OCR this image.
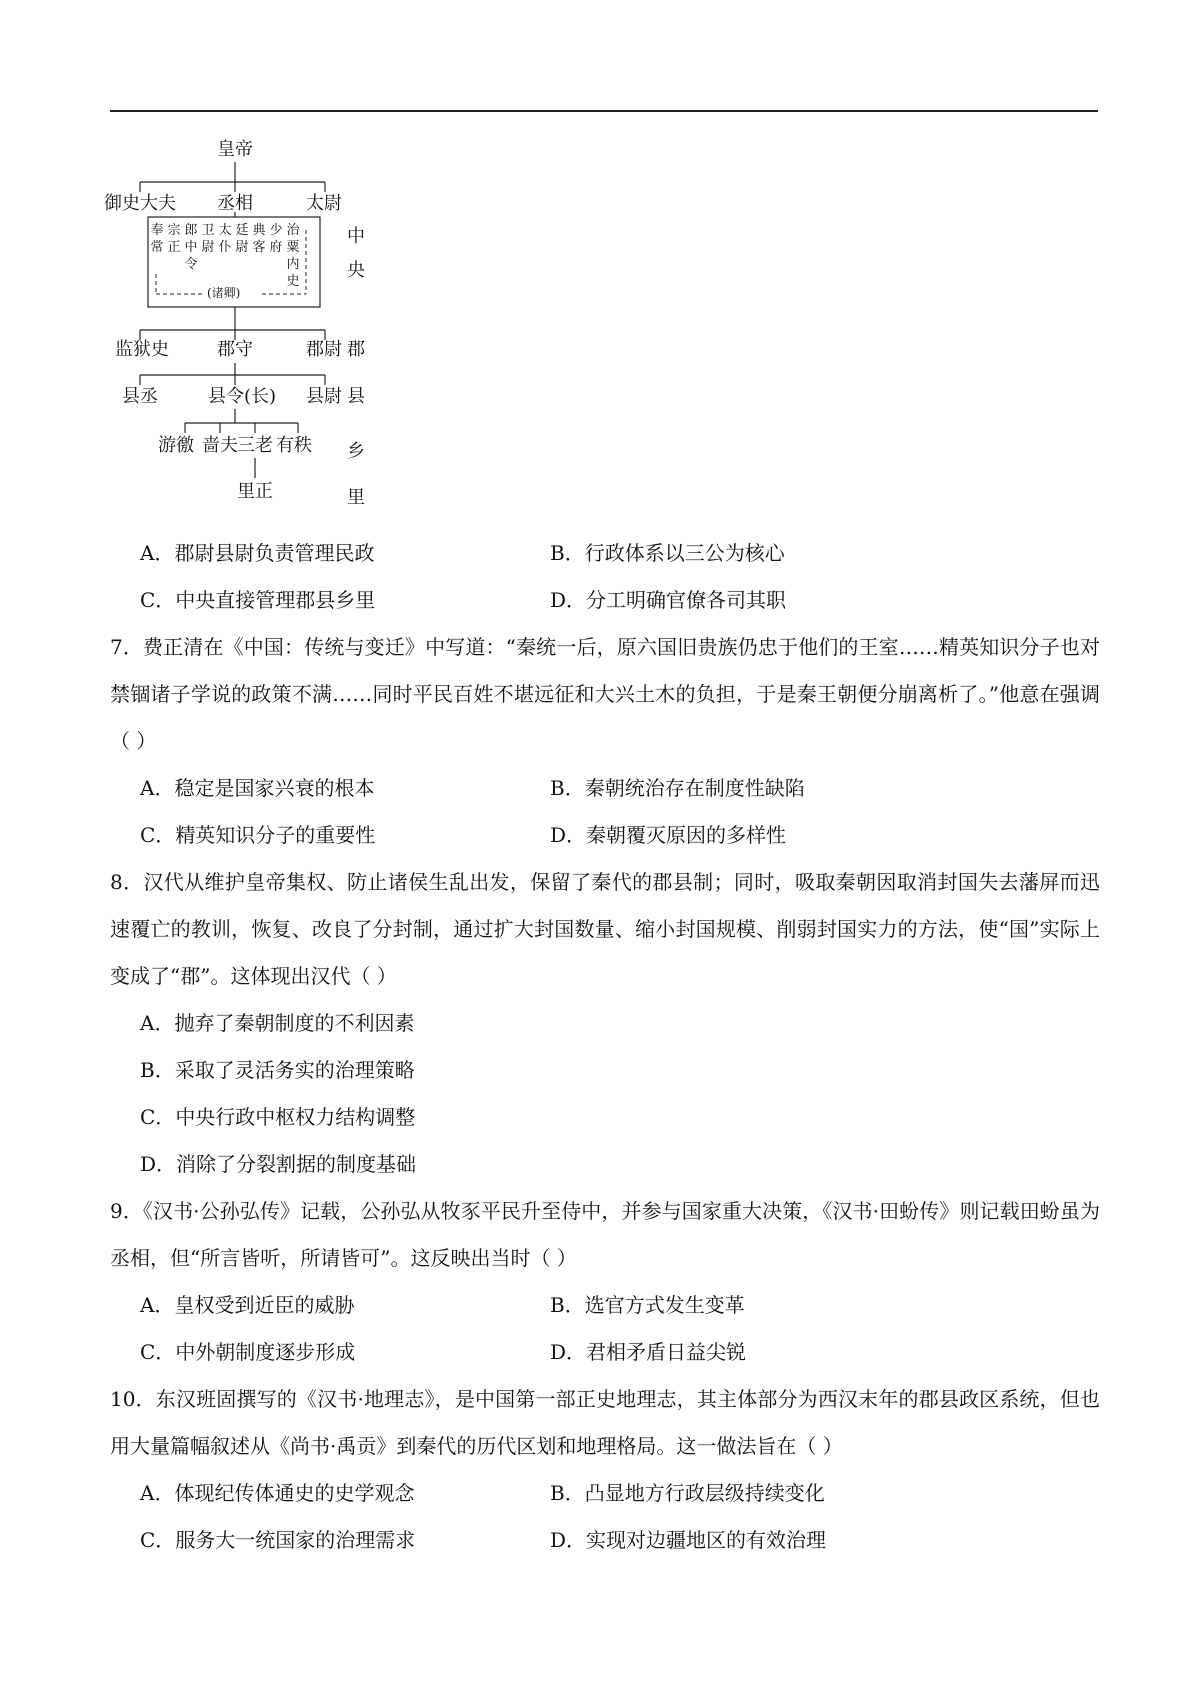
皇帝
御史大夫 丞相	太尉
奉常
宗正
郎中令
卫尉
太仆
廷尉
典客
少府
治粟内史
(诸卿)
监狱史	郡守	郡尉
县丞	县令(长) 县尉
游徼 啬夫 三老 有秩
里正
中央
郡
县
乡
里
A．郡尉县尉负责管理民政	B．行政体系以三公为核心
C．中央直接管理郡县乡里	D．分工明确官僚各司其职

7．费正清在《中国：传统与变迁》中写道：“秦统一后，原六国旧贵族仍忠于他们的王室……精英知识分子也对禁锢诸子学说的政策不满……同时平民百姓不堪远征和大兴土木的负担，于是秦王朝便分崩离析了。”他意在强调（ ）

A．稳定是国家兴衰的根本	B．秦朝统治存在制度性缺陷
C．精英知识分子的重要性	D．秦朝覆灭原因的多样性

8．汉代从维护皇帝集权、防止诸侯生乱出发，保留了秦代的郡县制；同时，吸取秦朝因取消封国失去藩屏而迅速覆亡的教训，恢复、改良了分封制，通过扩大封国数量、缩小封国规模、削弱封国实力的方法，使“国”实际上变成了“郡”。这体现出汉代（ ）

A．抛弃了秦朝制度的不利因素
B．采取了灵活务实的治理策略
C．中央行政中枢权力结构调整
D．消除了分裂割据的制度基础

9．《汉书·公孙弘传》记载，公孙弘从牧豕平民升至侍中，并参与国家重大决策，《汉书·田蚡传》则记载田蚡虽为丞相，但“所言皆听，所请皆可”。这反映出当时（ ）

A．皇权受到近臣的威胁	B．选官方式发生变革
C．中外朝制度逐步形成	D．君相矛盾日益尖锐

10．东汉班固撰写的《汉书·地理志》，是中国第一部正史地理志，其主体部分为西汉末年的郡县政区系统，但也用大量篇幅叙述从《尚书·禹贡》到秦代的历代区划和地理格局。这一做法旨在（ ）

A．体现纪传体通史的史学观念	B．凸显地方行政层级持续变化
C．服务大一统国家的治理需求	D．实现对边疆地区的有效治理
